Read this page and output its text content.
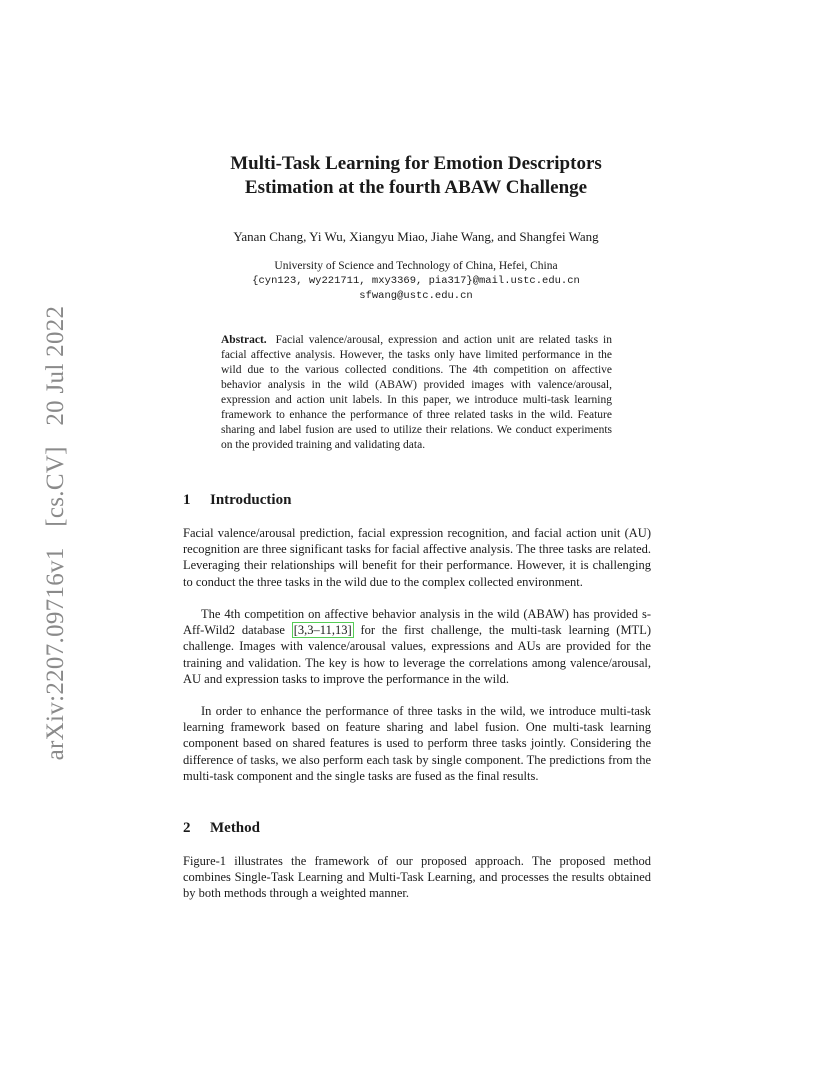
arXiv:2207.09716v1 [cs.CV] 20 Jul 2022
Multi-Task Learning for Emotion Descriptors
Estimation at the fourth ABAW Challenge
Yanan Chang, Yi Wu, Xiangyu Miao, Jiahe Wang, and Shangfei Wang
University of Science and Technology of China, Hefei, China
{cyn123, wy221711, mxy3369, pia317}@mail.ustc.edu.cn
sfwang@ustc.edu.cn
Abstract. Facial valence/arousal, expression and action unit are related tasks in facial affective analysis. However, the tasks only have limited performance in the wild due to the various collected conditions. The 4th competition on affective behavior analysis in the wild (ABAW) provided images with valence/arousal, expression and action unit labels. In this paper, we introduce multi-task learning framework to enhance the performance of three related tasks in the wild. Feature sharing and label fusion are used to utilize their relations. We conduct experiments on the provided training and validating data.
1 Introduction

Facial valence/arousal prediction, facial expression recognition, and facial action unit (AU) recognition are three significant tasks for facial affective analysis. The three tasks are related. Leveraging their relationships will benefit for their performance. However, it is challenging to conduct the three tasks in the wild due to the complex collected environment.

The 4th competition on affective behavior analysis in the wild (ABAW) has provided s-Aff-Wild2 database [3,3–11,13] for the first challenge, the multi-task learning (MTL) challenge. Images with valence/arousal values, expressions and AUs are provided for the training and validation. The key is how to leverage the correlations among valence/arousal, AU and expression tasks to improve the performance in the wild.

In order to enhance the performance of three tasks in the wild, we introduce multi-task learning framework based on feature sharing and label fusion. One multi-task learning component based on shared features is used to perform three tasks jointly. Considering the difference of tasks, we also perform each task by single component. The predictions from the multi-task component and the single tasks are fused as the final results.

2 Method

Figure-1 illustrates the framework of our proposed approach. The proposed method combines Single-Task Learning and Multi-Task Learning, and processes the results obtained by both methods through a weighted manner.
